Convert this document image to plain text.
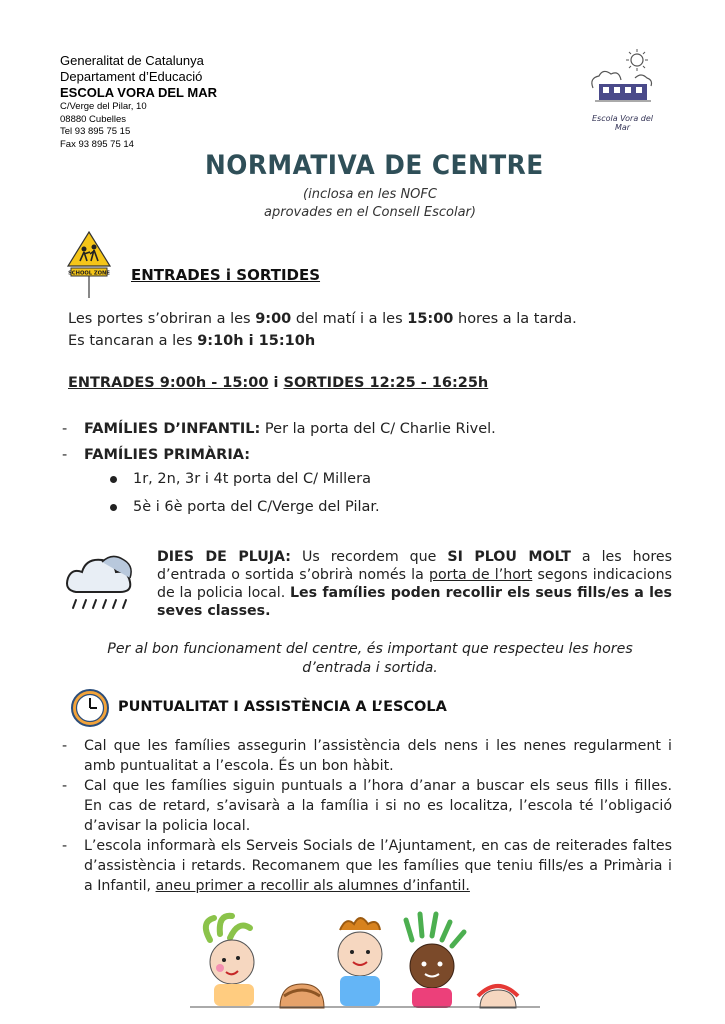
Generalitat de Catalunya
Departament d’Educació
ESCOLA VORA DEL MAR
C/Verge del Pilar, 10
08880 Cubelles
Tel 93 895 75 15
Fax 93 895 75 14
Escola Vora del Mar
NORMATIVA DE CENTRE
(inclosa en les NOFC
aprovades en el Consell Escolar)
SCHOOL ZONE ENTRADES i SORTIDES
Les portes s’obriran a les 9:00 del matí i a les 15:00 hores a la tarda.
Es tancaran a les 9:10h i 15:10h
ENTRADES 9:00h - 15:00 i SORTIDES 12:25 - 16:25h
-	FAMÍLIES D’INFANTIL: Per la porta del C/ Charlie Rivel.
-	FAMÍLIES PRIMÀRIA:
1r, 2n, 3r i 4t porta del C/ Millera
5è i 6è porta del C/Verge del Pilar.
DIES DE PLUJA: Us recordem que SI PLOU MOLT a les hores d’entrada o sortida s’obrirà només la porta de l’hort segons indicacions de la policia local. Les famílies poden recollir els seus fills/es a les seves classes.
Per al bon funcionament del centre, és important que respecteu les hores
d’entrada i sortida.
PUNTUALITAT I ASSISTÈNCIA A L’ESCOLA
-	Cal que les famílies assegurin l’assistència dels nens i les nenes regularment i amb puntualitat a l’escola. És un bon hàbit.
-	Cal que les famílies siguin puntuals a l’hora d’anar a buscar els seus fills i filles. En cas de retard, s’avisarà a la família i si no es localitza, l’escola té l’obligació d’avisar la policia local.
-	L’escola informarà els Serveis Socials de l’Ajuntament, en cas de reiterades faltes d’assistència i retards. Recomanem que les famílies que teniu fills/es a Primària i a Infantil, aneu primer a recollir als alumnes d’infantil.
